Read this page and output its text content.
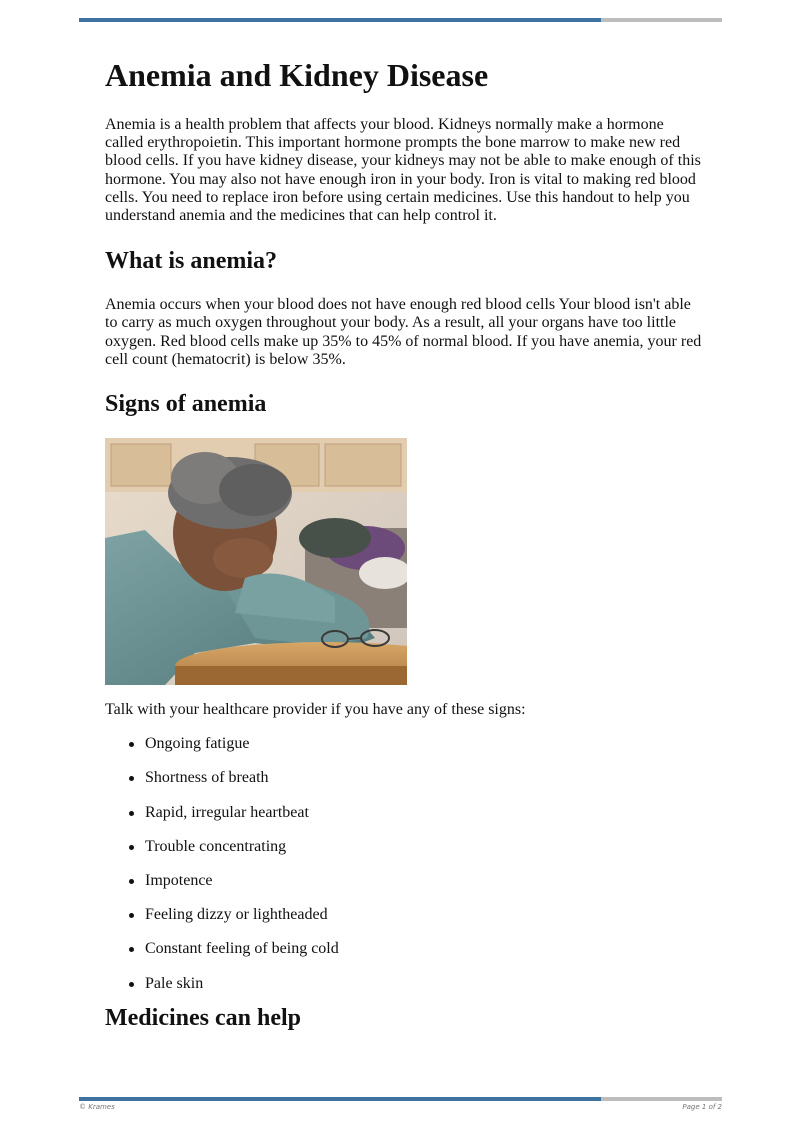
Anemia and Kidney Disease

Anemia is a health problem that affects your blood. Kidneys normally make a hormone called erythropoietin. This important hormone prompts the bone marrow to make new red blood cells. If you have kidney disease, your kidneys may not be able to make enough of this hormone. You may also not have enough iron in your body. Iron is vital to making red blood cells. You need to replace iron before using certain medicines. Use this handout to help you understand anemia and the medicines that can help control it.

What is anemia?

Anemia occurs when your blood does not have enough red blood cells Your blood isn't able to carry as much oxygen throughout your body. As a result, all your organs have too little oxygen. Red blood cells make up 35% to 45% of normal blood. If you have anemia, your red cell count (hematocrit) is below 35%.

Signs of anemia

Talk with your healthcare provider if you have any of these signs:

Ongoing fatigue
Shortness of breath
Rapid, irregular heartbeat
Trouble concentrating
Impotence
Feeling dizzy or lightheaded
Constant feeling of being cold
Pale skin
Medicines can help
© Krames	Page 1 of 2
